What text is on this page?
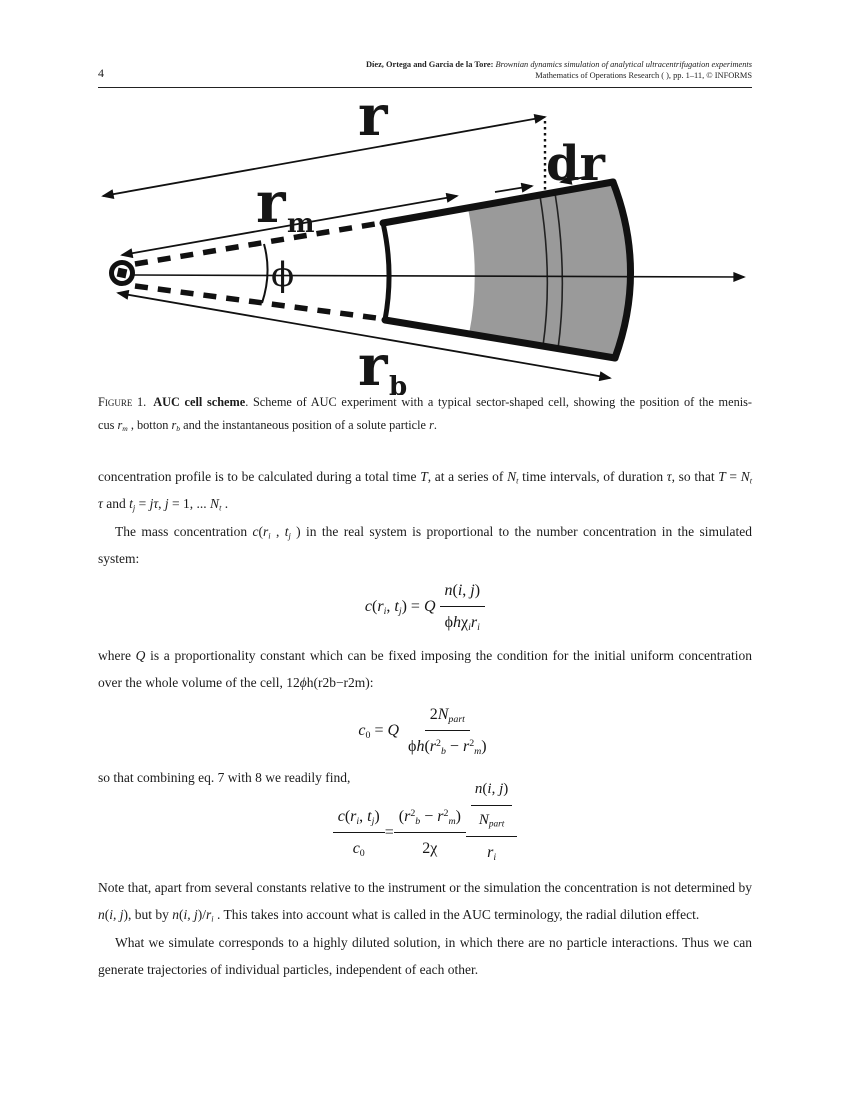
4
Díez, Ortega and Garcia de la Tore: Brownian dynamics simulation of analytical ultracentrifugation experiments
Mathematics of Operations Research ( ), pp. 1–11, © INFORMS
r
dr
r m
r b
ϕ
Figure 1. AUC cell scheme. Scheme of AUC experiment with a typical sector-shaped cell, showing the position of the menis-
cus $r_m$ , botton $r_b$ and the instantaneous position of a solute particle r.

concentration profile is to be calculated during a total time T, at a series of $N_t$ time intervals, of duration τ, so that $T = N_t$ τ and $t_j = j\tau$, j = 1, ... $N_t$ .

The mass concentration $c(r_i$ , $t_j$ ) in the real system is proportional to the number concentration in the simulated system:

$c(r_i$, $t_j) = Q \frac{n(i, j)}{\phi h\chi_ir_i}$

where Q is a proportionality constant which can be fixed imposing the condition for the initial uniform concentration over the whole volume of the cell, 12ϕh(r2b−r2m):

$c_0 = Q \frac{2N_{part}}{\phi h(r^2_b - r^2_m)}$

so that combining eq. 7 with 8 we readily find,

$\frac{c(r_i, t_j)}{c_0} = \frac{(r^2_b - r^2_m)}{2\chi} \frac{\frac{n(i, j)}{N_{part}}}{r_i}$

Note that, apart from several constants relative to the instrument or the simulation the concentration is not determined by n(i, j), but by n(i, $j)/r_i$ . This takes into account what is called in the AUC terminology, the radial dilution effect.

What we simulate corresponds to a highly diluted solution, in which there are no particle interactions. Thus we can generate trajectories of individual particles, independent of each other.
